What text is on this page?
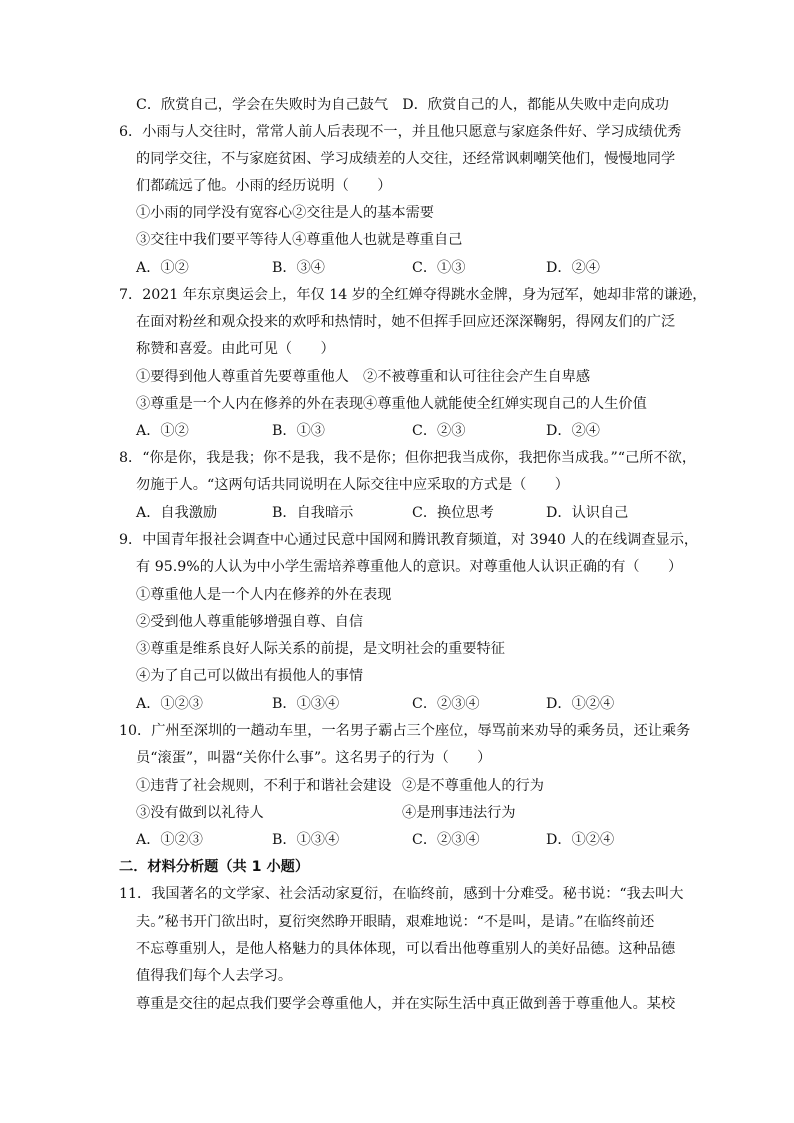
C．欣赏自己，学会在失败时为自己鼓气　D．欣赏自己的人，都能从失败中走向成功
6．小雨与人交往时，常常人前人后表现不一，并且他只愿意与家庭条件好、学习成绩优秀
的同学交往，不与家庭贫困、学习成绩差的人交往，还经常讽刺嘲笑他们，慢慢地同学
们都疏远了他。小雨的经历说明（　　）
①小雨的同学没有宽容心②交往是人的基本需要
③交往中我们要平等待人④尊重他人也就是尊重自己
A．①②	B．③④	C．①③	D．②④
7．2021 年东京奥运会上，年仅 14 岁的全红婵夺得跳水金牌，身为冠军，她却非常的谦逊，
在面对粉丝和观众投来的欢呼和热情时，她不但挥手回应还深深鞠躬，得网友们的广泛
称赞和喜爱。由此可见（　　）
①要得到他人尊重首先要尊重他人　②不被尊重和认可往往会产生自卑感
③尊重是一个人内在修养的外在表现④尊重他人就能使全红婵实现自己的人生价值
A．①②	B．①③	C．②③	D．②④
8．“你是你，我是我；你不是我，我不是你；但你把我当成你，我把你当成我。”“己所不欲，
勿施于人。“这两句话共同说明在人际交往中应采取的方式是（　　）
A．自我激励	B．自我暗示	C．换位思考	D．认识自己
9．中国青年报社会调查中心通过民意中国网和腾讯教育频道，对 3940 人的在线调查显示，
有 95.9%的人认为中小学生需培养尊重他人的意识。对尊重他人认识正确的有（　　）
①尊重他人是一个人内在修养的外在表现
②受到他人尊重能够增强自尊、自信
③尊重是维系良好人际关系的前提，是文明社会的重要特征
④为了自己可以做出有损他人的事情
A．①②③	B．①③④	C．②③④	D．①②④
10．广州至深圳的一趟动车里，一名男子霸占三个座位，辱骂前来劝导的乘务员，还让乘务
员“滚蛋”，叫嚣“关你什么事”。这名男子的行为（　　）
①违背了社会规则，不利于和谐社会建设 ②是不尊重他人的行为
③没有做到以礼待人	④是刑事违法行为
A．①②③	B．①③④	C．②③④	D．①②④
二．材料分析题（共 1 小题）
11．我国著名的文学家、社会活动家夏衍，在临终前，感到十分难受。秘书说：“我去叫大
夫。”秘书开门欲出时，夏衍突然睁开眼睛，艰难地说：“不是叫，是请。”在临终前还
不忘尊重别人，是他人格魅力的具体体现，可以看出他尊重别人的美好品德。这种品德
值得我们每个人去学习。
尊重是交往的起点我们要学会尊重他人，并在实际生活中真正做到善于尊重他人。某校
